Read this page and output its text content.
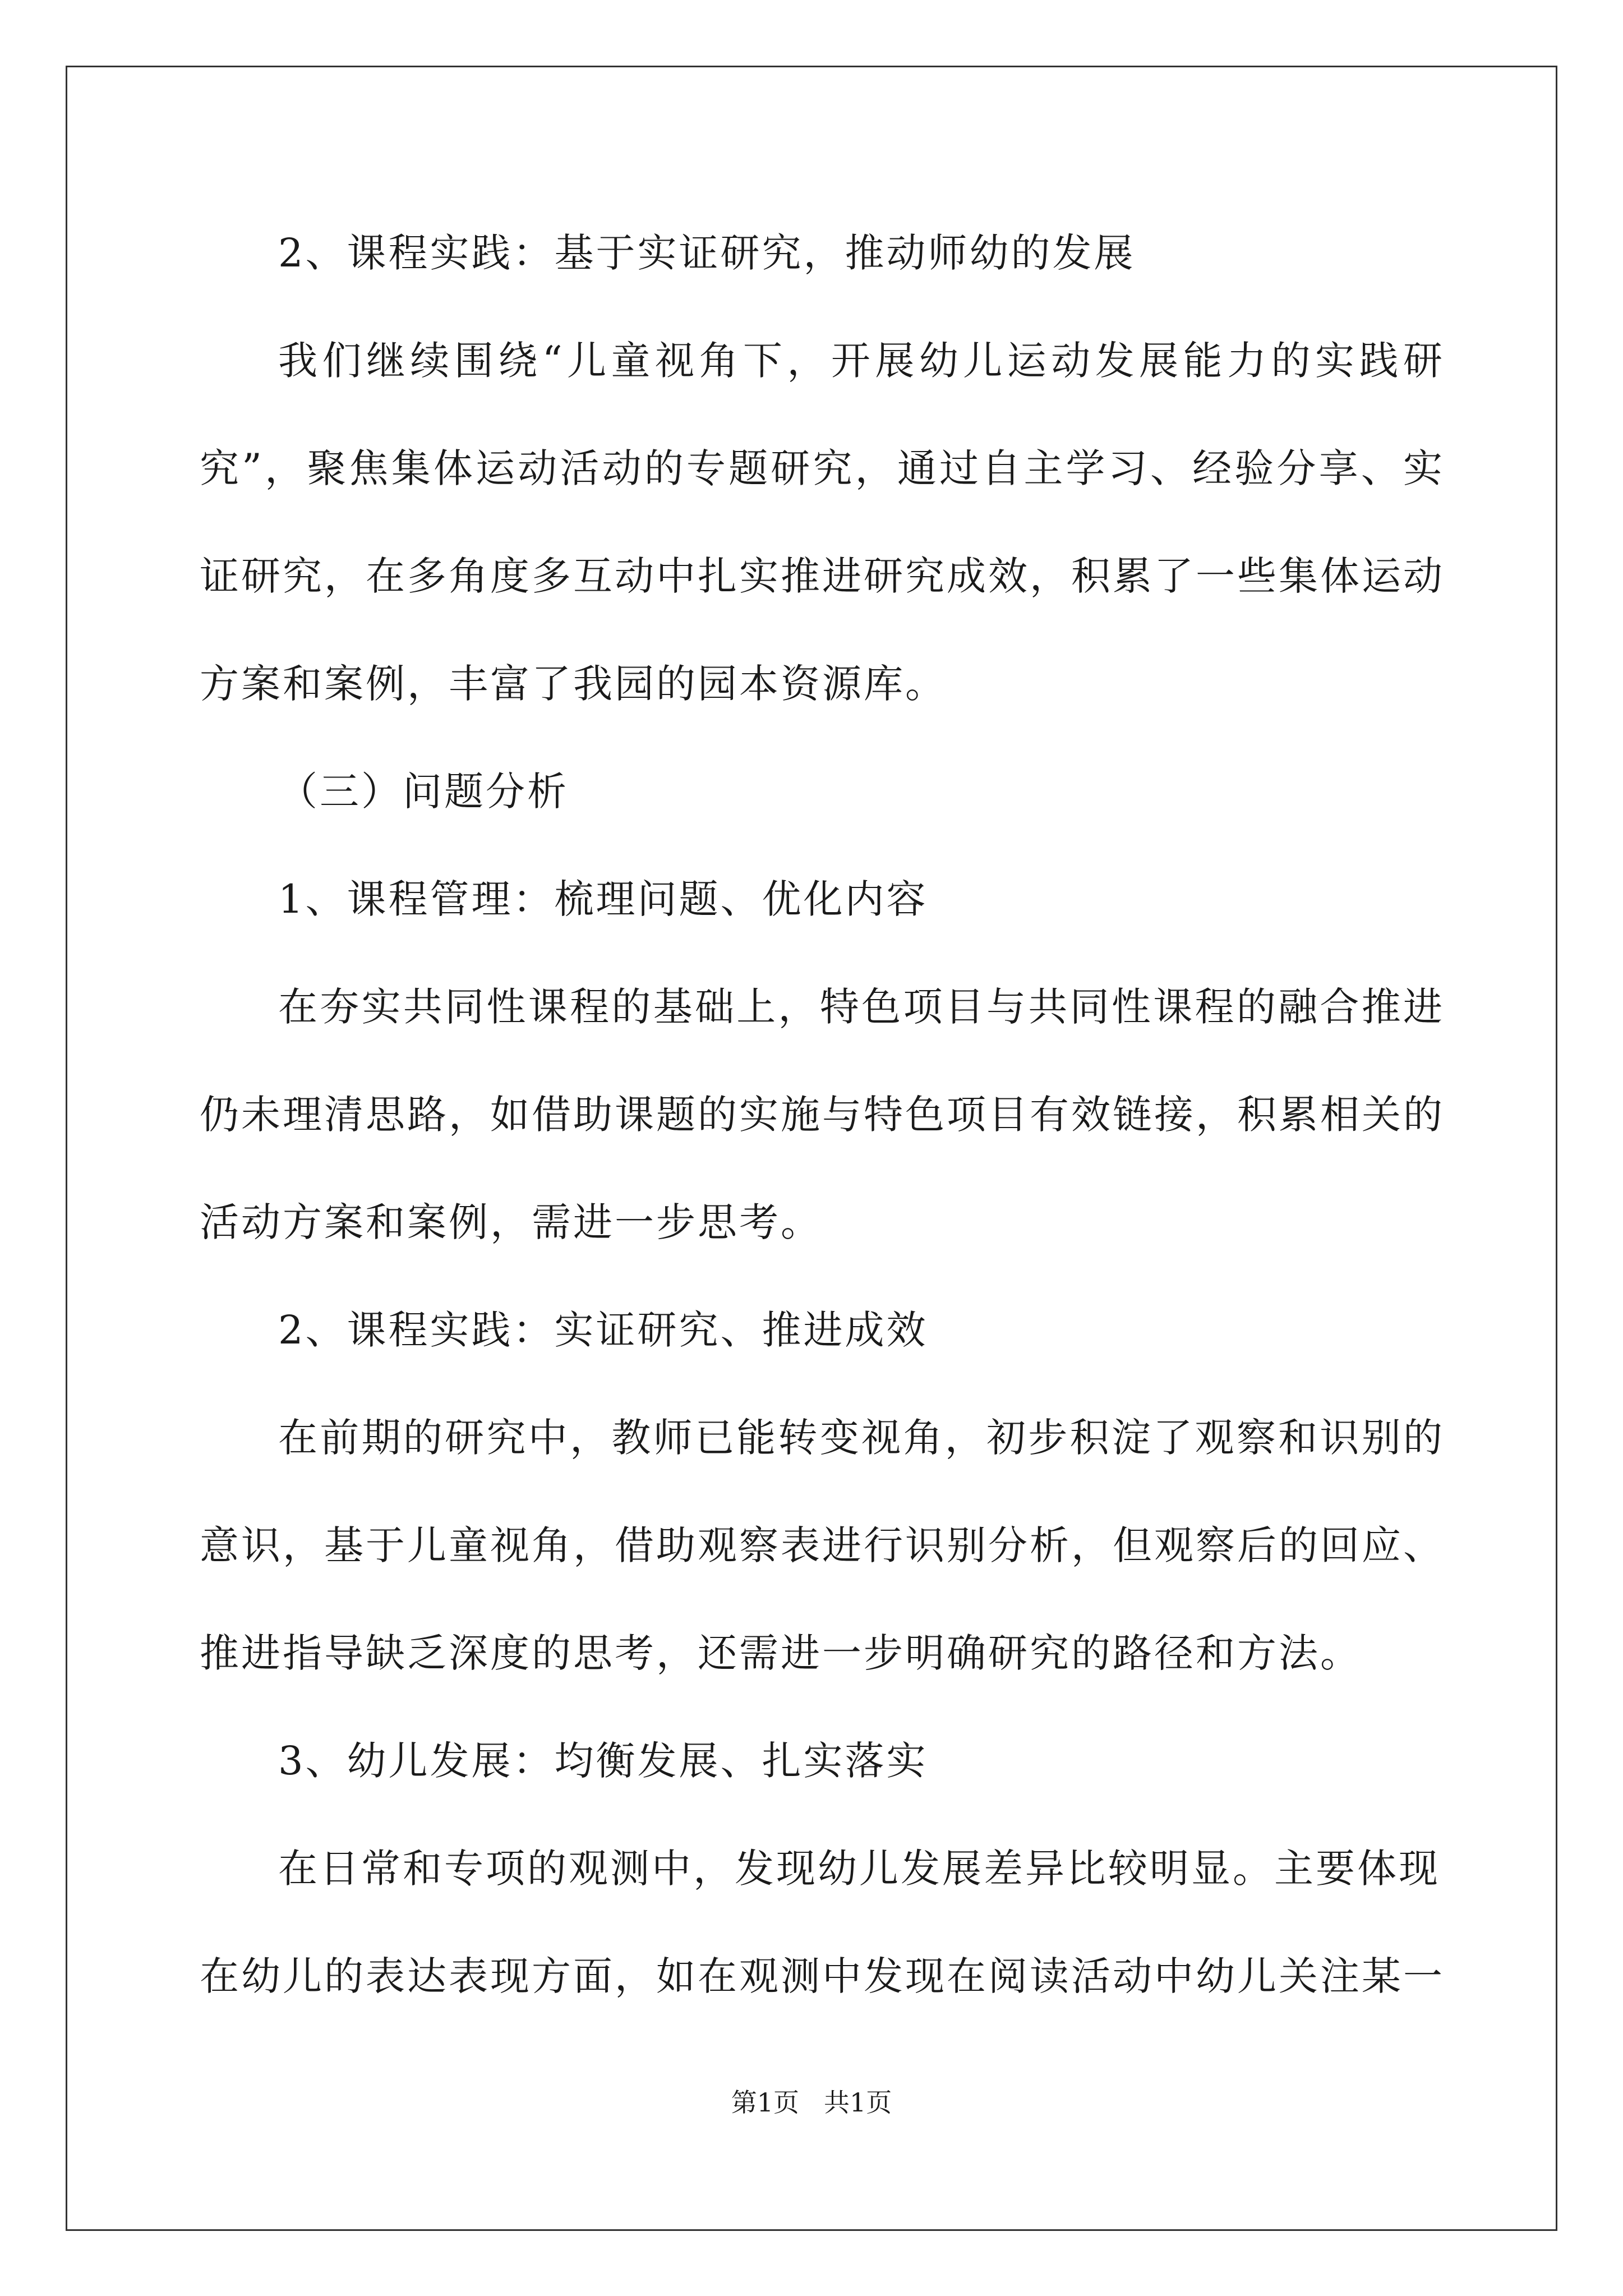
2、课程实践：基于实证研究，推动师幼的发展

我们继续围绕“儿童视角下，开展幼儿运动发展能力的实践研究”，聚焦集体运动活动的专题研究，通过自主学习、经验分享、实证研究，在多角度多互动中扎实推进研究成效，积累了一些集体运动方案和案例，丰富了我园的园本资源库。

（三）问题分析

1、课程管理：梳理问题、优化内容

在夯实共同性课程的基础上，特色项目与共同性课程的融合推进仍未理清思路，如借助课题的实施与特色项目有效链接，积累相关的活动方案和案例，需进一步思考。

2、课程实践：实证研究、推进成效

在前期的研究中，教师已能转变视角，初步积淀了观察和识别的意识，基于儿童视角，借助观察表进行识别分析，但观察后的回应、推进指导缺乏深度的思考，还需进一步明确研究的路径和方法。

3、幼儿发展：均衡发展、扎实落实

在日常和专项的观测中，发现幼儿发展差异比较明显。主要体现在幼儿的表达表现方面，如在观测中发现在阅读活动中幼儿关注某一

第1页 共1页
